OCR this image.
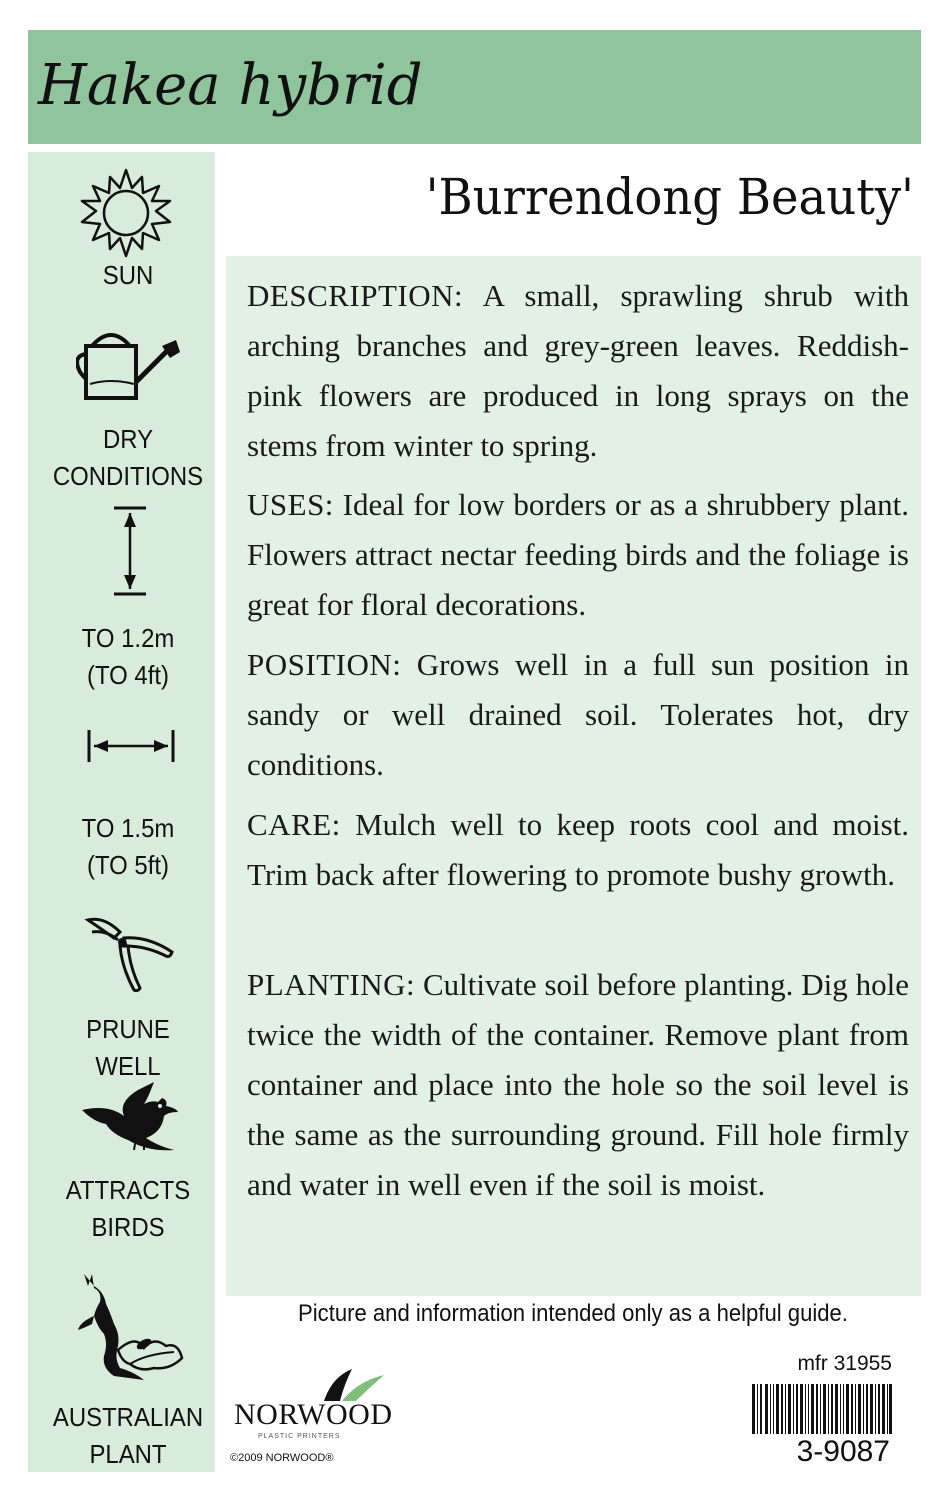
Hakea hybrid
SUN
DRY
CONDITIONS
TO 1.2m
(TO 4ft)
TO 1.5m
(TO 5ft)
PRUNE
WELL
ATTRACTS
BIRDS
AUSTRALIAN
PLANT
'Burrendong Beauty'
DESCRIPTION: A small, sprawling shrub with arching branches and grey-green leaves. Reddish-pink flowers are produced in long sprays on the stems from winter to spring.
USES: Ideal for low borders or as a shrubbery plant. Flowers attract nectar feeding birds and the foliage is great for floral decorations.
POSITION: Grows well in a full sun position in sandy or well drained soil. Tolerates hot, dry conditions.
CARE: Mulch well to keep roots cool and moist. Trim back after flowering to promote bushy growth.
PLANTING: Cultivate soil before planting. Dig hole twice the width of the container. Remove plant from container and place into the hole so the soil level is the same as the surrounding ground. Fill hole firmly and water in well even if the soil is moist.
Picture and information intended only as a helpful guide.
mfr 31955
3-9087
NORWOOD
PLASTIC PRINTERS
©2009 NORWOOD®
